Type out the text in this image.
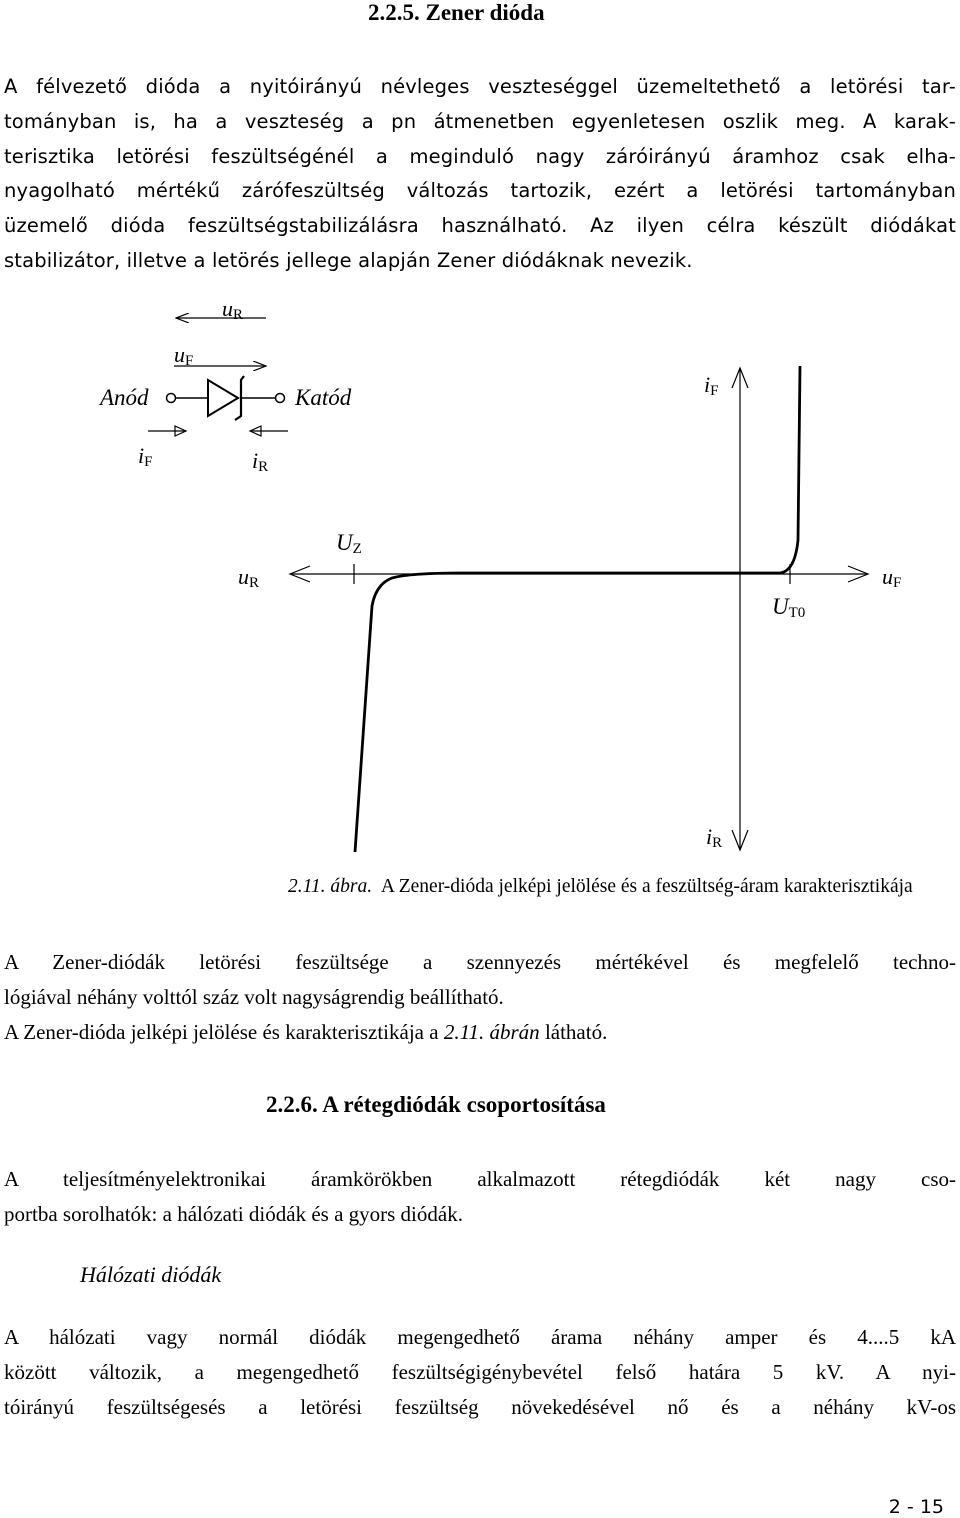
2.2.5. Zener dióda
A félvezető dióda a nyitóirányú névleges veszteséggel üzemeltethető a letörési tar-
tományban is, ha a veszteség a pn átmenetben egyenletesen oszlik meg. A karak-
terisztika letörési feszültségénél a meginduló nagy záróirányú áramhoz csak elha-
nyagolható mértékű zárófeszültség változás tartozik, ezért a letörési tartományban
üzemelő dióda feszültségstabilizálásra használható. Az ilyen célra készült diódákat
stabilizátor, illetve a letörés jellege alapján Zener diódáknak nevezik.
uR
uF
Anód	Katód
iF	iR
iF
iR
uR	uF
UZ
UT0
2.11. ábra. A Zener-dióda jelképi jelölése és a feszültség-áram karakterisztikája
A Zener-diódák letörési feszültsége a szennyezés mértékével és megfelelő techno-
lógiával néhány volttól száz volt nagyságrendig beállítható.
A Zener-dióda jelképi jelölése és karakterisztikája a 2.11. ábrán látható.
2.2.6. A rétegdiódák csoportosítása
A teljesítményelektronikai áramkörökben alkalmazott rétegdiódák két nagy cso-
portba sorolhatók: a hálózati diódák és a gyors diódák.
Hálózati diódák
A hálózati vagy normál diódák megengedhető árama néhány amper és 4....5 kA
között változik, a megengedhető feszültségigénybevétel felső határa 5 kV. A nyi-
tóirányú feszültségesés a letörési feszültség növekedésével nő és a néhány kV-os
2 - 15
